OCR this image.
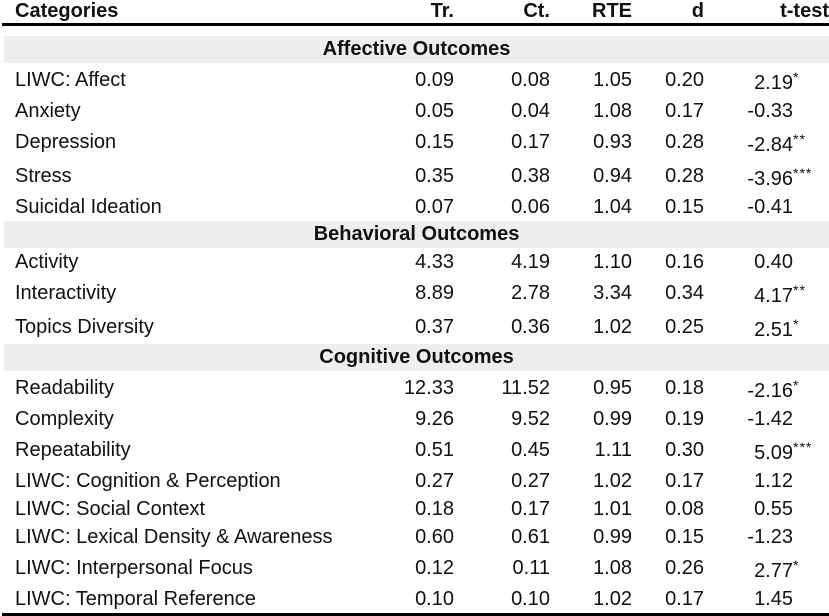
Categories	Tr.	Ct.	RTE	d	t-test

Affective Outcomes					
LIWC: Affect	0.09	0.08	1.05	0.20	2.19*
Anxiety	0.05	0.04	1.08	0.17	-0.33
Depression	0.15	0.17	0.93	0.28	-2.84**
Stress	0.35	0.38	0.94	0.28	-3.96***
Suicidal Ideation	0.07	0.06	1.04	0.15	-0.41
Behavioral Outcomes					
Activity	4.33	4.19	1.10	0.16	0.40
Interactivity	8.89	2.78	3.34	0.34	4.17**
Topics Diversity	0.37	0.36	1.02	0.25	2.51*
Cognitive Outcomes					
Readability	12.33	11.52	0.95	0.18	-2.16*
Complexity	9.26	9.52	0.99	0.19	-1.42
Repeatability	0.51	0.45	1.11	0.30	5.09***
LIWC: Cognition & Perception	0.27	0.27	1.02	0.17	1.12
LIWC: Social Context	0.18	0.17	1.01	0.08	0.55
LIWC: Lexical Density & Awareness	0.60	0.61	0.99	0.15	-1.23
LIWC: Interpersonal Focus	0.12	0.11	1.08	0.26	2.77*
LIWC: Temporal Reference	0.10	0.10	1.02	0.17	1.45
